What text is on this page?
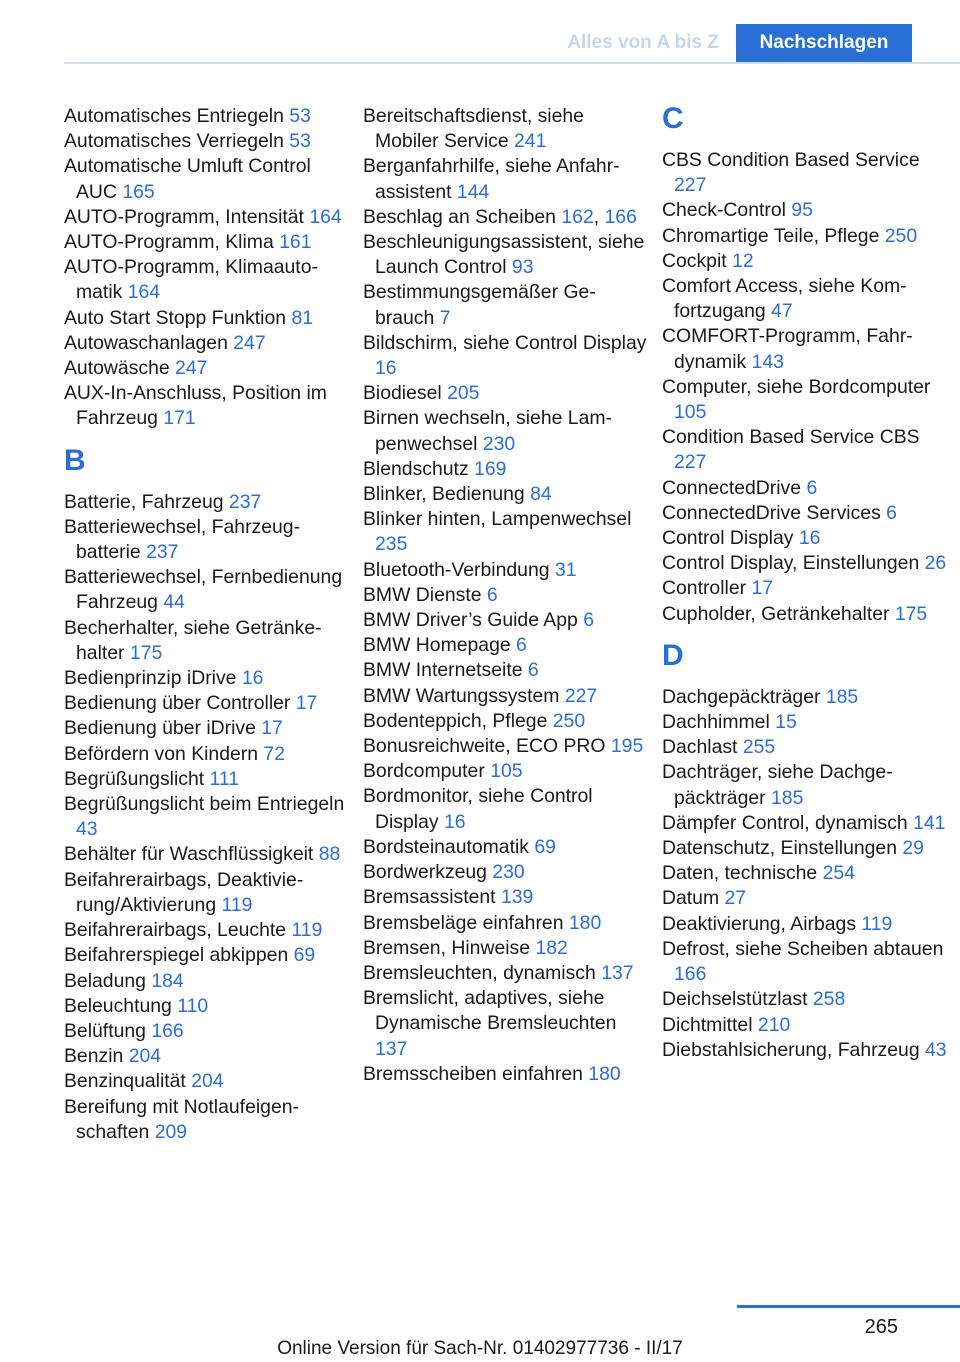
Alles von A bis Z	Nachschlagen

Automatisches Entriegeln 53

Automatisches Verriegeln 53

Automatische Umluft Control AUC 165

AUTO-Programm, Intensität 164

AUTO-Programm, Klima 161

AUTO-Programm, Klimaautomatik 164

Auto Start Stopp Funktion 81

Autowaschanlagen 247

Autowäsche 247

AUX-In-Anschluss, Position im Fahrzeug 171

B

Batterie, Fahrzeug 237

Batteriewechsel, Fahrzeugbatterie 237

Batteriewechsel, Fernbedienung Fahrzeug 44

Becherhalter, siehe Getränkehalter 175

Bedienprinzip iDrive 16

Bedienung über Controller 17

Bedienung über iDrive 17

Befördern von Kindern 72

Begrüßungslicht 111

Begrüßungslicht beim Entriegeln 43

Behälter für Waschflüssigkeit 88

Beifahrerairbags, Deaktivierung/Aktivierung 119

Beifahrerairbags, Leuchte 119

Beifahrerspiegel abkippen 69

Beladung 184

Beleuchtung 110

Belüftung 166

Benzin 204

Benzinqualität 204

Bereifung mit Notlaufeigenschaften 209

Bereitschaftsdienst, siehe Mobiler Service 241

Berganfahrhilfe, siehe Anfahrassistent 144

Beschlag an Scheiben 162, 166

Beschleunigungsassistent, siehe Launch Control 93

Bestimmungsgemäßer Gebrauch 7

Bildschirm, siehe Control Display 16

Biodiesel 205

Birnen wechseln, siehe Lampenwechsel 230

Blendschutz 169

Blinker, Bedienung 84

Blinker hinten, Lampenwechsel 235

Bluetooth-Verbindung 31

BMW Dienste 6

BMW Driver’s Guide App 6

BMW Homepage 6

BMW Internetseite 6

BMW Wartungssystem 227

Bodenteppich, Pflege 250

Bonusreichweite, ECO PRO 195

Bordcomputer 105

Bordmonitor, siehe Control Display 16

Bordsteinautomatik 69

Bordwerkzeug 230

Bremsassistent 139

Bremsbeläge einfahren 180

Bremsen, Hinweise 182

Bremsleuchten, dynamisch 137

Bremslicht, adaptives, siehe Dynamische Bremsleuchten 137

Bremsscheiben einfahren 180

C

CBS Condition Based Service 227

Check-Control 95

Chromartige Teile, Pflege 250

Cockpit 12

Comfort Access, siehe Komfortzugang 47

COMFORT-Programm, Fahrdynamik 143

Computer, siehe Bordcomputer 105

Condition Based Service CBS 227

ConnectedDrive 6

ConnectedDrive Services 6

Control Display 16

Control Display, Einstellungen 26

Controller 17

Cupholder, Getränkehalter 175

D

Dachgepäckträger 185

Dachhimmel 15

Dachlast 255

Dachträger, siehe Dachgepäckträger 185

Dämpfer Control, dynamisch 141

Datenschutz, Einstellungen 29

Daten, technische 254

Datum 27

Deaktivierung, Airbags 119

Defrost, siehe Scheiben abtauen 166

Deichselstützlast 258

Dichtmittel 210

Diebstahlsicherung, Fahrzeug 43

265
Online Version für Sach-Nr. 01402977736 - II/17
